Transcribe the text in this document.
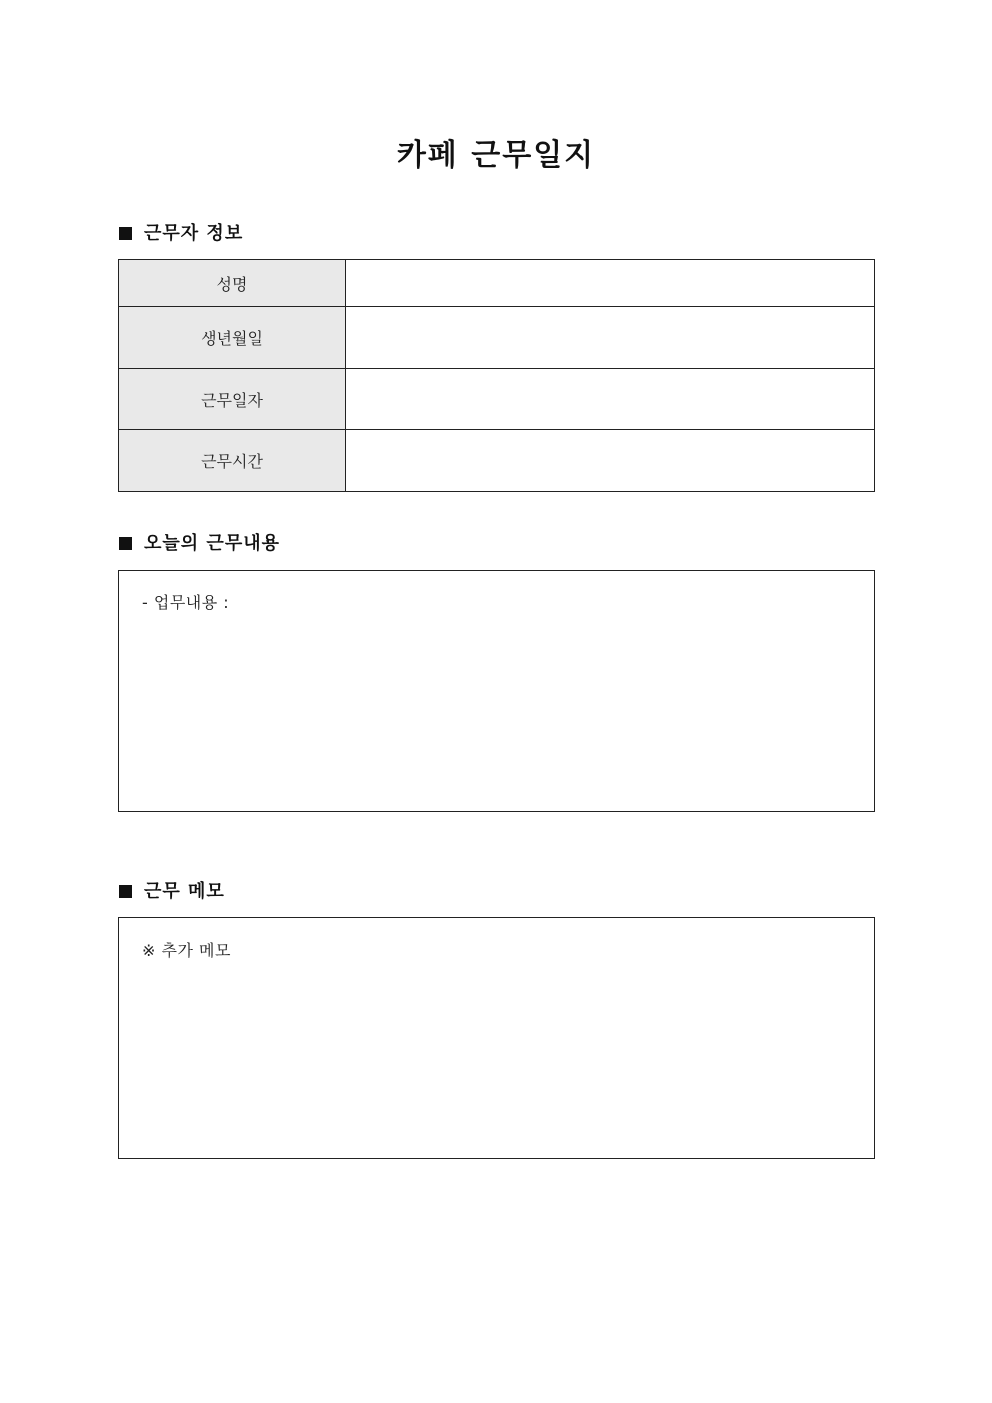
카페 근무일지
근무자 정보
성명	
생년월일	
근무일자	
근무시간	
오늘의 근무내용
- 업무내용 :
근무 메모
※ 추가 메모
